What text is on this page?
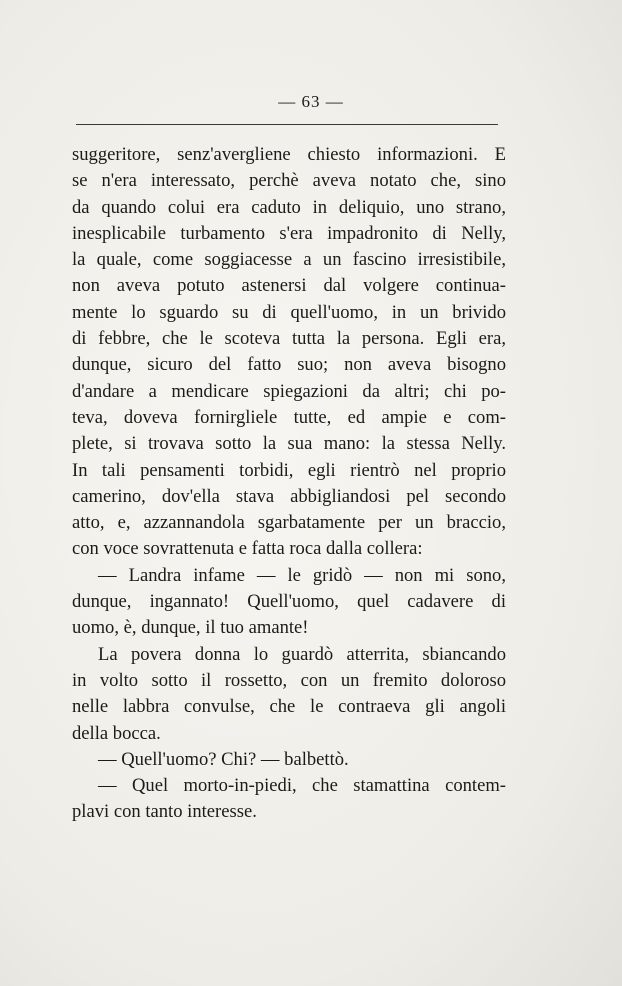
— 63 —
suggeritore, senz'avergliene chiesto informazioni. E
se n'era interessato, perchè aveva notato che, sino
da quando colui era caduto in deliquio, uno strano,
inesplicabile turbamento s'era impadronito di Nelly,
la quale, come soggiacesse a un fascino irresistibile,
non aveva potuto astenersi dal volgere continua-
mente lo sguardo su di quell'uomo, in un brivido
di febbre, che le scoteva tutta la persona. Egli era,
dunque, sicuro del fatto suo; non aveva bisogno
d'andare a mendicare spiegazioni da altri; chi po-
teva, doveva fornirgliele tutte, ed ampie e com-
plete, si trovava sotto la sua mano: la stessa Nelly.
In tali pensamenti torbidi, egli rientrò nel proprio
camerino, dov'ella stava abbigliandosi pel secondo
atto, e, azzannandola sgarbatamente per un braccio,
con voce sovrattenuta e fatta roca dalla collera:
— Landra infame — le gridò — non mi sono,
dunque, ingannato! Quell'uomo, quel cadavere di
uomo, è, dunque, il tuo amante!
La povera donna lo guardò atterrita, sbiancando
in volto sotto il rossetto, con un fremito doloroso
nelle labbra convulse, che le contraeva gli angoli
della bocca.
— Quell'uomo? Chi? — balbettò.
— Quel morto-in-piedi, che stamattina contem-
plavi con tanto interesse.
